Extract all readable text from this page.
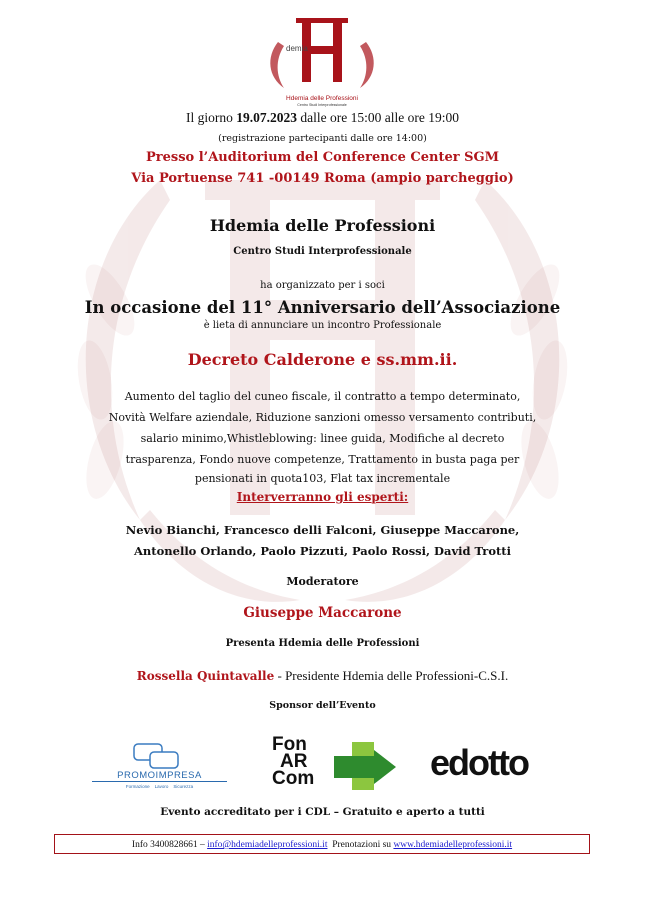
Hdemia delle Professioni
Centro Studi Interprofessionale
demia
Il giorno 19.07.2023 dalle ore 15:00 alle ore 19:00
(registrazione partecipanti dalle ore 14:00)
Presso l’Auditorium del Conference Center SGM
Via Portuense 741 -00149 Roma (ampio parcheggio)
Hdemia delle Professioni
Centro Studi Interprofessionale
ha organizzato per i soci
In occasione del 11° Anniversario dell’Associazione
è lieta di annunciare un incontro Professionale
Decreto Calderone e ss.mm.ii.
Aumento del taglio del cuneo fiscale, il contratto a tempo determinato,
Novità Welfare aziendale, Riduzione sanzioni omesso versamento contributi,
salario minimo,Whistleblowing: linee guida, Modifiche al decreto
trasparenza, Fondo nuove competenze, Trattamento in busta paga per
pensionati in quota103, Flat tax incrementale
Interverranno gli esperti:
Nevio Bianchi, Francesco delli Falconi, Giuseppe Maccarone,
Antonello Orlando, Paolo Pizzuti, Paolo Rossi, David Trotti
Moderatore
Giuseppe Maccarone
Presenta Hdemia delle Professioni
Rossella Quintavalle - Presidente Hdemia delle Professioni-C.S.I.
Sponsor dell’Evento
PROMOIMPRESA
Formazione    Lavoro    Sicurezza
Fon
AR
Com	edotto
Evento accreditato per i CDL – Gratuito e aperto a tutti
Info 3400828661 – info@hdemiadelleprofessioni.it  Prenotazioni su www.hdemiadelleprofessioni.it
